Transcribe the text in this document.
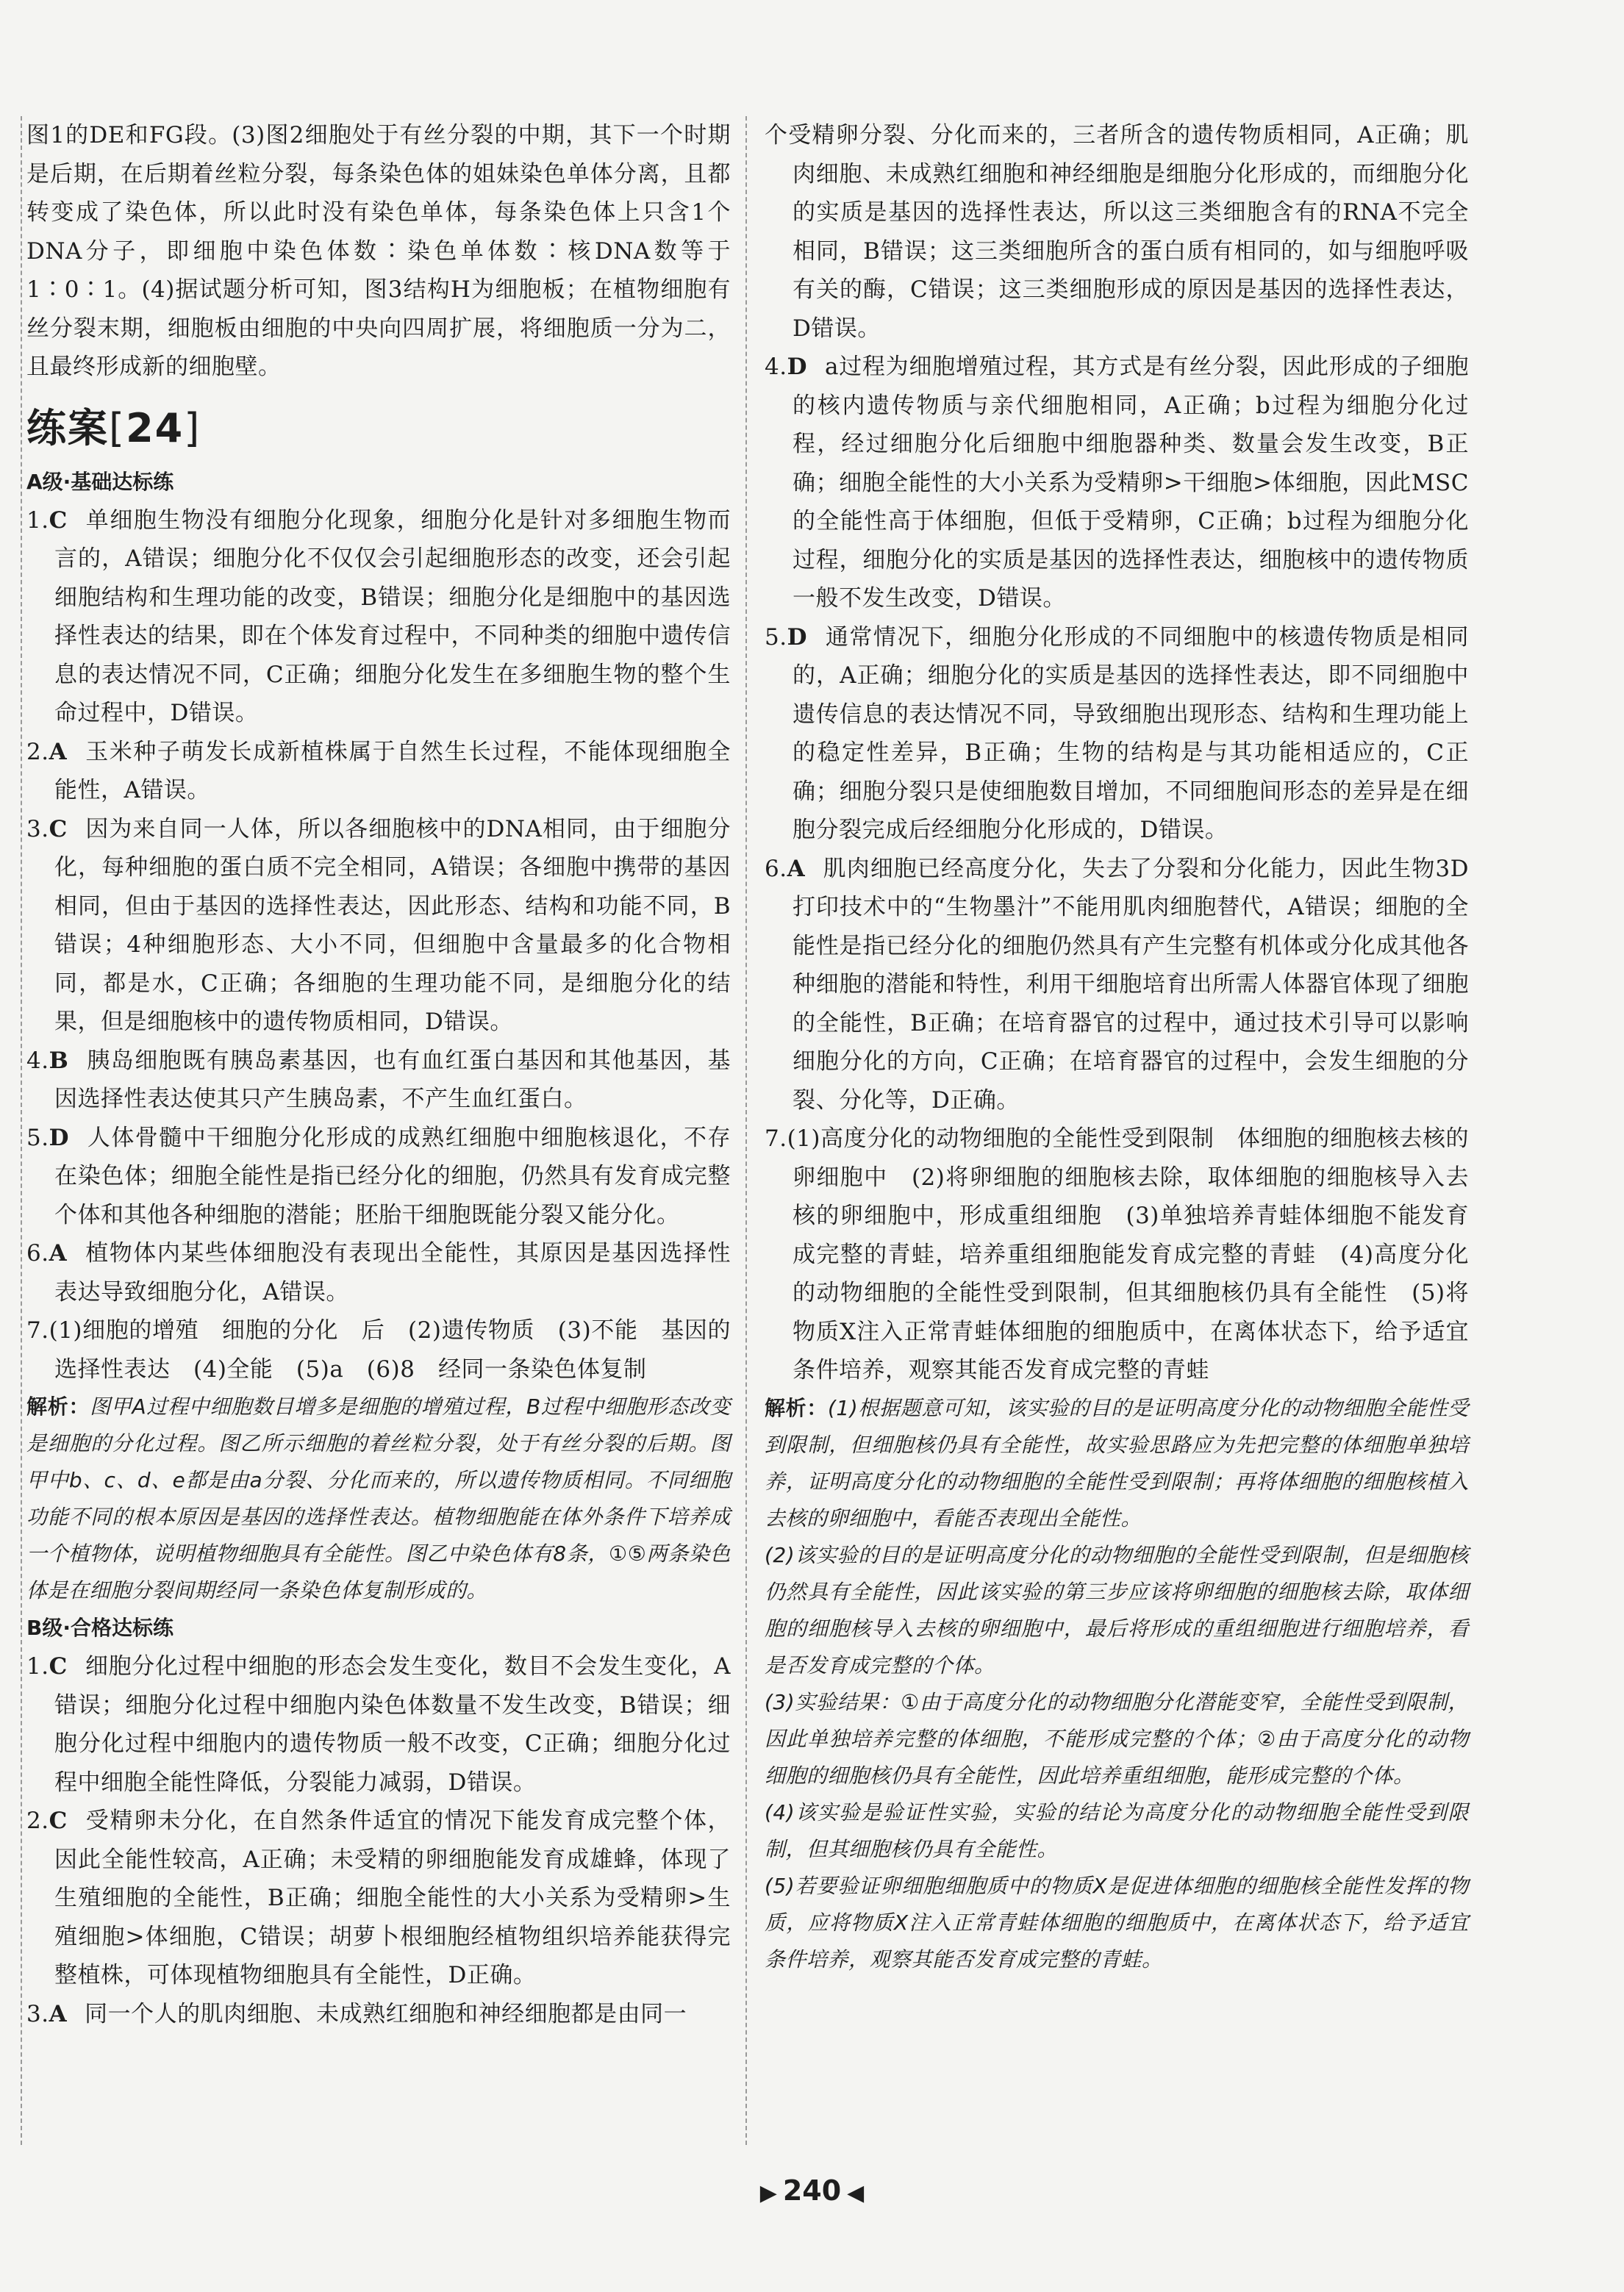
图1的DE和FG段。(3)图2细胞处于有丝分裂的中期，其下一个时期是后期，在后期着丝粒分裂，每条染色体的姐妹染色单体分离，且都转变成了染色体，所以此时没有染色单体，每条染色体上只含1个DNA分子，即细胞中染色体数∶染色单体数∶核DNA数等于1∶0∶1。(4)据试题分析可知，图3结构H为细胞板；在植物细胞有丝分裂末期，细胞板由细胞的中央向四周扩展，将细胞质一分为二，且最终形成新的细胞壁。

练案[24]
A级·基础达标练

1.C 单细胞生物没有细胞分化现象，细胞分化是针对多细胞生物而言的，A错误；细胞分化不仅仅会引起细胞形态的改变，还会引起细胞结构和生理功能的改变，B错误；细胞分化是细胞中的基因选择性表达的结果，即在个体发育过程中，不同种类的细胞中遗传信息的表达情况不同，C正确；细胞分化发生在多细胞生物的整个生命过程中，D错误。

2.A 玉米种子萌发长成新植株属于自然生长过程，不能体现细胞全能性，A错误。

3.C 因为来自同一人体，所以各细胞核中的DNA相同，由于细胞分化，每种细胞的蛋白质不完全相同，A错误；各细胞中携带的基因相同，但由于基因的选择性表达，因此形态、结构和功能不同，B错误；4种细胞形态、大小不同，但细胞中含量最多的化合物相同，都是水，C正确；各细胞的生理功能不同，是细胞分化的结果，但是细胞核中的遗传物质相同，D错误。

4.B 胰岛细胞既有胰岛素基因，也有血红蛋白基因和其他基因，基因选择性表达使其只产生胰岛素，不产生血红蛋白。

5.D 人体骨髓中干细胞分化形成的成熟红细胞中细胞核退化，不存在染色体；细胞全能性是指已经分化的细胞，仍然具有发育成完整个体和其他各种细胞的潜能；胚胎干细胞既能分裂又能分化。

6.A 植物体内某些体细胞没有表现出全能性，其原因是基因选择性表达导致细胞分化，A错误。

7.(1)细胞的增殖　细胞的分化　后　(2)遗传物质　(3)不能　基因的选择性表达　(4)全能　(5)a　(6)8　经同一条染色体复制

解析：图甲A过程中细胞数目增多是细胞的增殖过程，B过程中细胞形态改变是细胞的分化过程。图乙所示细胞的着丝粒分裂，处于有丝分裂的后期。图甲中b、c、d、e都是由a分裂、分化而来的，所以遗传物质相同。不同细胞功能不同的根本原因是基因的选择性表达。植物细胞能在体外条件下培养成一个植物体，说明植物细胞具有全能性。图乙中染色体有8条，①⑤两条染色体是在细胞分裂间期经同一条染色体复制形成的。

B级·合格达标练

1.C 细胞分化过程中细胞的形态会发生变化，数目不会发生变化，A错误；细胞分化过程中细胞内染色体数量不发生改变，B错误；细胞分化过程中细胞内的遗传物质一般不改变，C正确；细胞分化过程中细胞全能性降低，分裂能力减弱，D错误。

2.C 受精卵未分化，在自然条件适宜的情况下能发育成完整个体，因此全能性较高，A正确；未受精的卵细胞能发育成雄蜂，体现了生殖细胞的全能性，B正确；细胞全能性的大小关系为受精卵>生殖细胞>体细胞，C错误；胡萝卜根细胞经植物组织培养能获得完整植株，可体现植物细胞具有全能性，D正确。

3.A 同一个人的肌肉细胞、未成熟红细胞和神经细胞都是由同一

个受精卵分裂、分化而来的，三者所含的遗传物质相同，A正确；肌肉细胞、未成熟红细胞和神经细胞是细胞分化形成的，而细胞分化的实质是基因的选择性表达，所以这三类细胞含有的RNA不完全相同，B错误；这三类细胞所含的蛋白质有相同的，如与细胞呼吸有关的酶，C错误；这三类细胞形成的原因是基因的选择性表达，D错误。

4.D a过程为细胞增殖过程，其方式是有丝分裂，因此形成的子细胞的核内遗传物质与亲代细胞相同，A正确；b过程为细胞分化过程，经过细胞分化后细胞中细胞器种类、数量会发生改变，B正确；细胞全能性的大小关系为受精卵>干细胞>体细胞，因此MSC的全能性高于体细胞，但低于受精卵，C正确；b过程为细胞分化过程，细胞分化的实质是基因的选择性表达，细胞核中的遗传物质一般不发生改变，D错误。

5.D 通常情况下，细胞分化形成的不同细胞中的核遗传物质是相同的，A正确；细胞分化的实质是基因的选择性表达，即不同细胞中遗传信息的表达情况不同，导致细胞出现形态、结构和生理功能上的稳定性差异，B正确；生物的结构是与其功能相适应的，C正确；细胞分裂只是使细胞数目增加，不同细胞间形态的差异是在细胞分裂完成后经细胞分化形成的，D错误。

6.A 肌肉细胞已经高度分化，失去了分裂和分化能力，因此生物3D打印技术中的“生物墨汁”不能用肌肉细胞替代，A错误；细胞的全能性是指已经分化的细胞仍然具有产生完整有机体或分化成其他各种细胞的潜能和特性，利用干细胞培育出所需人体器官体现了细胞的全能性，B正确；在培育器官的过程中，通过技术引导可以影响细胞分化的方向，C正确；在培育器官的过程中，会发生细胞的分裂、分化等，D正确。

7.(1)高度分化的动物细胞的全能性受到限制　体细胞的细胞核去核的卵细胞中　(2)将卵细胞的细胞核去除，取体细胞的细胞核导入去核的卵细胞中，形成重组细胞　(3)单独培养青蛙体细胞不能发育成完整的青蛙，培养重组细胞能发育成完整的青蛙　(4)高度分化的动物细胞的全能性受到限制，但其细胞核仍具有全能性　(5)将物质X注入正常青蛙体细胞的细胞质中，在离体状态下，给予适宜条件培养，观察其能否发育成完整的青蛙

解析：(1)根据题意可知，该实验的目的是证明高度分化的动物细胞全能性受到限制，但细胞核仍具有全能性，故实验思路应为先把完整的体细胞单独培养，证明高度分化的动物细胞的全能性受到限制；再将体细胞的细胞核植入去核的卵细胞中，看能否表现出全能性。

(2)该实验的目的是证明高度分化的动物细胞的全能性受到限制，但是细胞核仍然具有全能性，因此该实验的第三步应该将卵细胞的细胞核去除，取体细胞的细胞核导入去核的卵细胞中，最后将形成的重组细胞进行细胞培养，看是否发育成完整的个体。

(3)实验结果：①由于高度分化的动物细胞分化潜能变窄，全能性受到限制，因此单独培养完整的体细胞，不能形成完整的个体；②由于高度分化的动物细胞的细胞核仍具有全能性，因此培养重组细胞，能形成完整的个体。

(4)该实验是验证性实验，实验的结论为高度分化的动物细胞全能性受到限制，但其细胞核仍具有全能性。

(5)若要验证卵细胞细胞质中的物质X是促进体细胞的细胞核全能性发挥的物质，应将物质X注入正常青蛙体细胞的细胞质中，在离体状态下，给予适宜条件培养，观察其能否发育成完整的青蛙。

▶ 240 ◀
